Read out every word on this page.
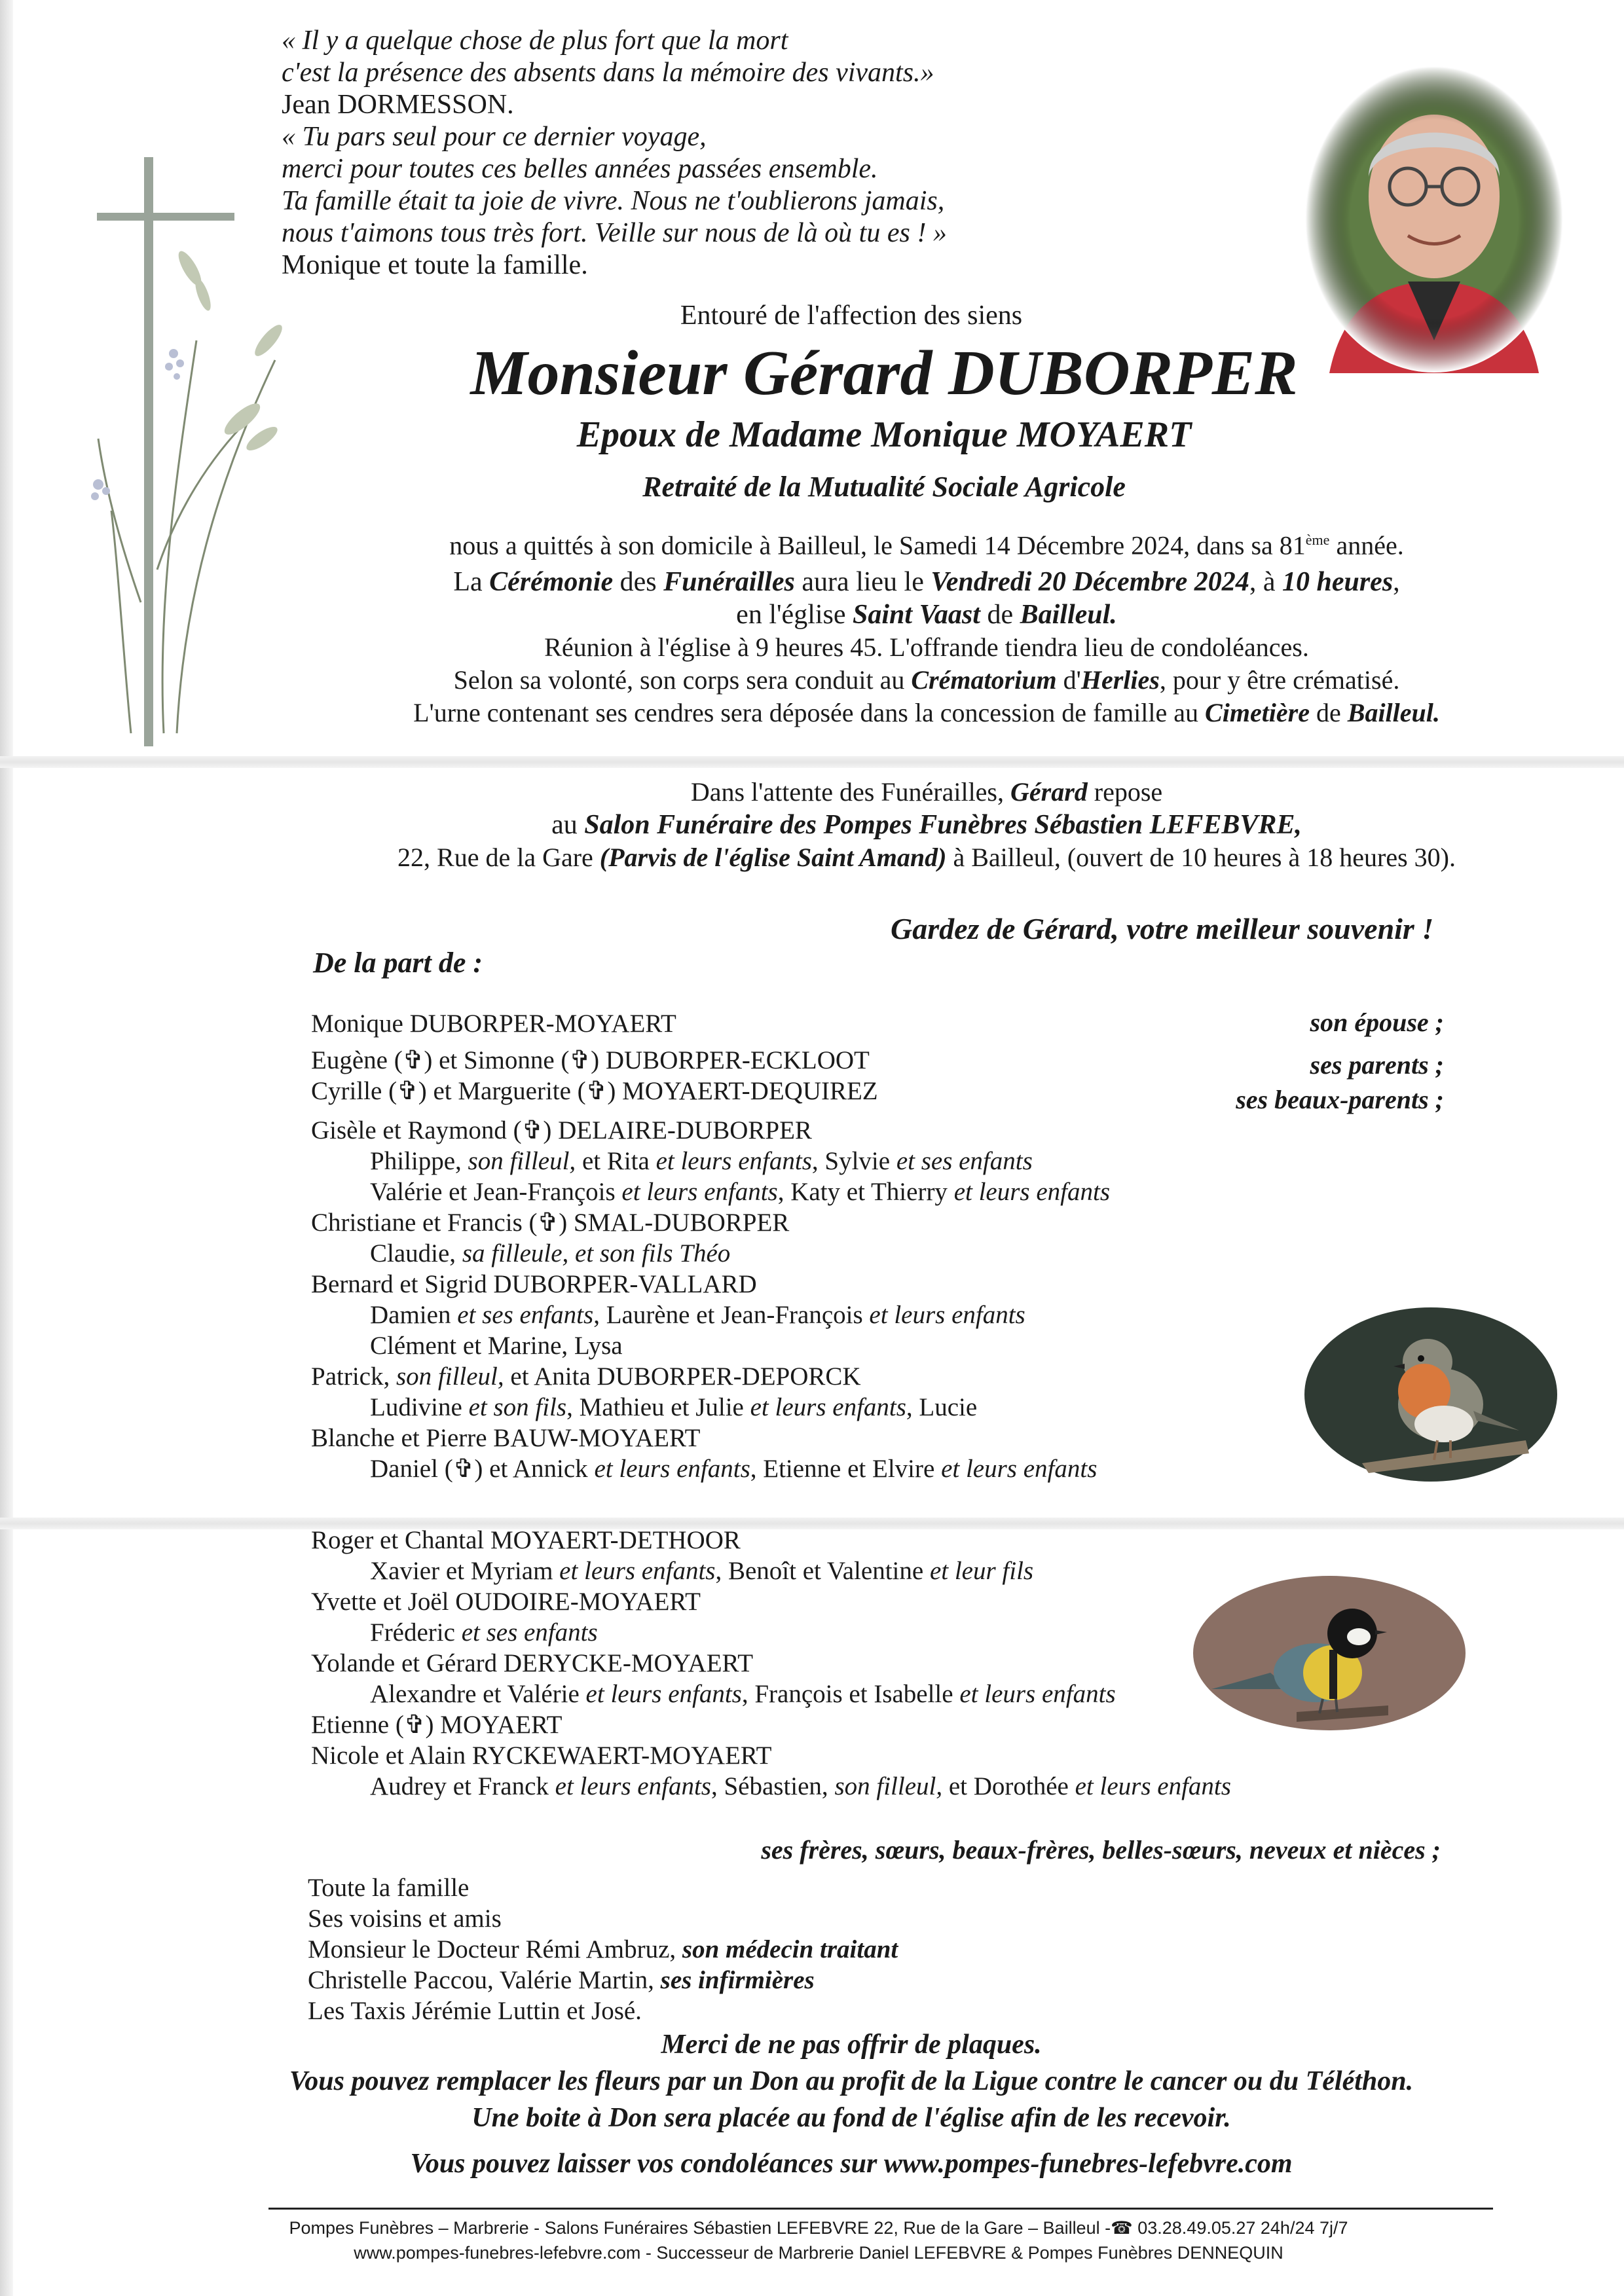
« Il y a quelque chose de plus fort que la mort
c'est la présence des absents dans la mémoire des vivants.»
Jean DORMESSON.
« Tu pars seul pour ce dernier voyage,
merci pour toutes ces belles années passées ensemble.
Ta famille était ta joie de vivre. Nous ne t'oublierons jamais,
nous t'aimons tous très fort. Veille sur nous de là où tu es ! »
Monique et toute la famille.
Entouré de l'affection des siens
Monsieur Gérard DUBORPER
Epoux de Madame Monique MOYAERT
Retraité de la Mutualité Sociale Agricole
nous a quittés à son domicile à Bailleul, le Samedi 14 Décembre 2024, dans sa 81ème année.
La Cérémonie des Funérailles aura lieu le Vendredi 20 Décembre 2024, à 10 heures,
en l'église Saint Vaast de Bailleul.
Réunion à l'église à 9 heures 45. L'offrande tiendra lieu de condoléances.
Selon sa volonté, son corps sera conduit au Crématorium d'Herlies, pour y être crématisé.
L'urne contenant ses cendres sera déposée dans la concession de famille au Cimetière de Bailleul.
Dans l'attente des Funérailles, Gérard repose
au Salon Funéraire des Pompes Funèbres Sébastien LEFEBVRE,
22, Rue de la Gare (Parvis de l'église Saint Amand) à Bailleul, (ouvert de 10 heures à 18 heures 30).
Gardez de Gérard, votre meilleur souvenir !
De la part de :
Monique DUBORPER-MOYAERT
Eugène (✞) et Simonne (✞) DUBORPER-ECKLOOT
Cyrille (✞) et Marguerite (✞) MOYAERT-DEQUIREZ
Gisèle et Raymond (✞) DELAIRE-DUBORPER
Philippe, son filleul, et Rita et leurs enfants, Sylvie et ses enfants
Valérie et Jean-François et leurs enfants, Katy et Thierry et leurs enfants
Christiane et Francis (✞) SMAL-DUBORPER
Claudie, sa filleule, et son fils Théo
Bernard et Sigrid DUBORPER-VALLARD
Damien et ses enfants, Laurène et Jean-François et leurs enfants
Clément et Marine, Lysa
Patrick, son filleul, et Anita DUBORPER-DEPORCK
Ludivine et son fils, Mathieu et Julie et leurs enfants, Lucie
Blanche et Pierre BAUW-MOYAERT
Daniel (✞) et Annick et leurs enfants, Etienne et Elvire et leurs enfants
Roger et Chantal MOYAERT-DETHOOR
Xavier et Myriam et leurs enfants, Benoît et Valentine et leur fils
Yvette et Joël OUDOIRE-MOYAERT
Fréderic et ses enfants
Yolande et Gérard DERYCKE-MOYAERT
Alexandre et Valérie et leurs enfants, François et Isabelle et leurs enfants
Etienne (✞) MOYAERT
Nicole et Alain RYCKEWAERT-MOYAERT
Audrey et Franck et leurs enfants, Sébastien, son filleul, et Dorothée et leurs enfants
son épouse ;
ses parents ;
ses beaux-parents ;
ses frères, sœurs, beaux-frères, belles-sœurs, neveux et nièces ;
Toute la famille
Ses voisins et amis
Monsieur le Docteur Rémi Ambruz, son médecin traitant
Christelle Paccou, Valérie Martin, ses infirmières
Les Taxis Jérémie Luttin et José.
Merci de ne pas offrir de plaques.
Vous pouvez remplacer les fleurs par un Don au profit de la Ligue contre le cancer ou du Téléthon.
Une boite à Don sera placée au fond de l'église afin de les recevoir.
Vous pouvez laisser vos condoléances sur www.pompes-funebres-lefebvre.com
Pompes Funèbres – Marbrerie - Salons Funéraires Sébastien LEFEBVRE 22, Rue de la Gare – Bailleul -☎ 03.28.49.05.27 24h/24 7j/7
www.pompes-funebres-lefebvre.com - Successeur de Marbrerie Daniel LEFEBVRE & Pompes Funèbres DENNEQUIN
